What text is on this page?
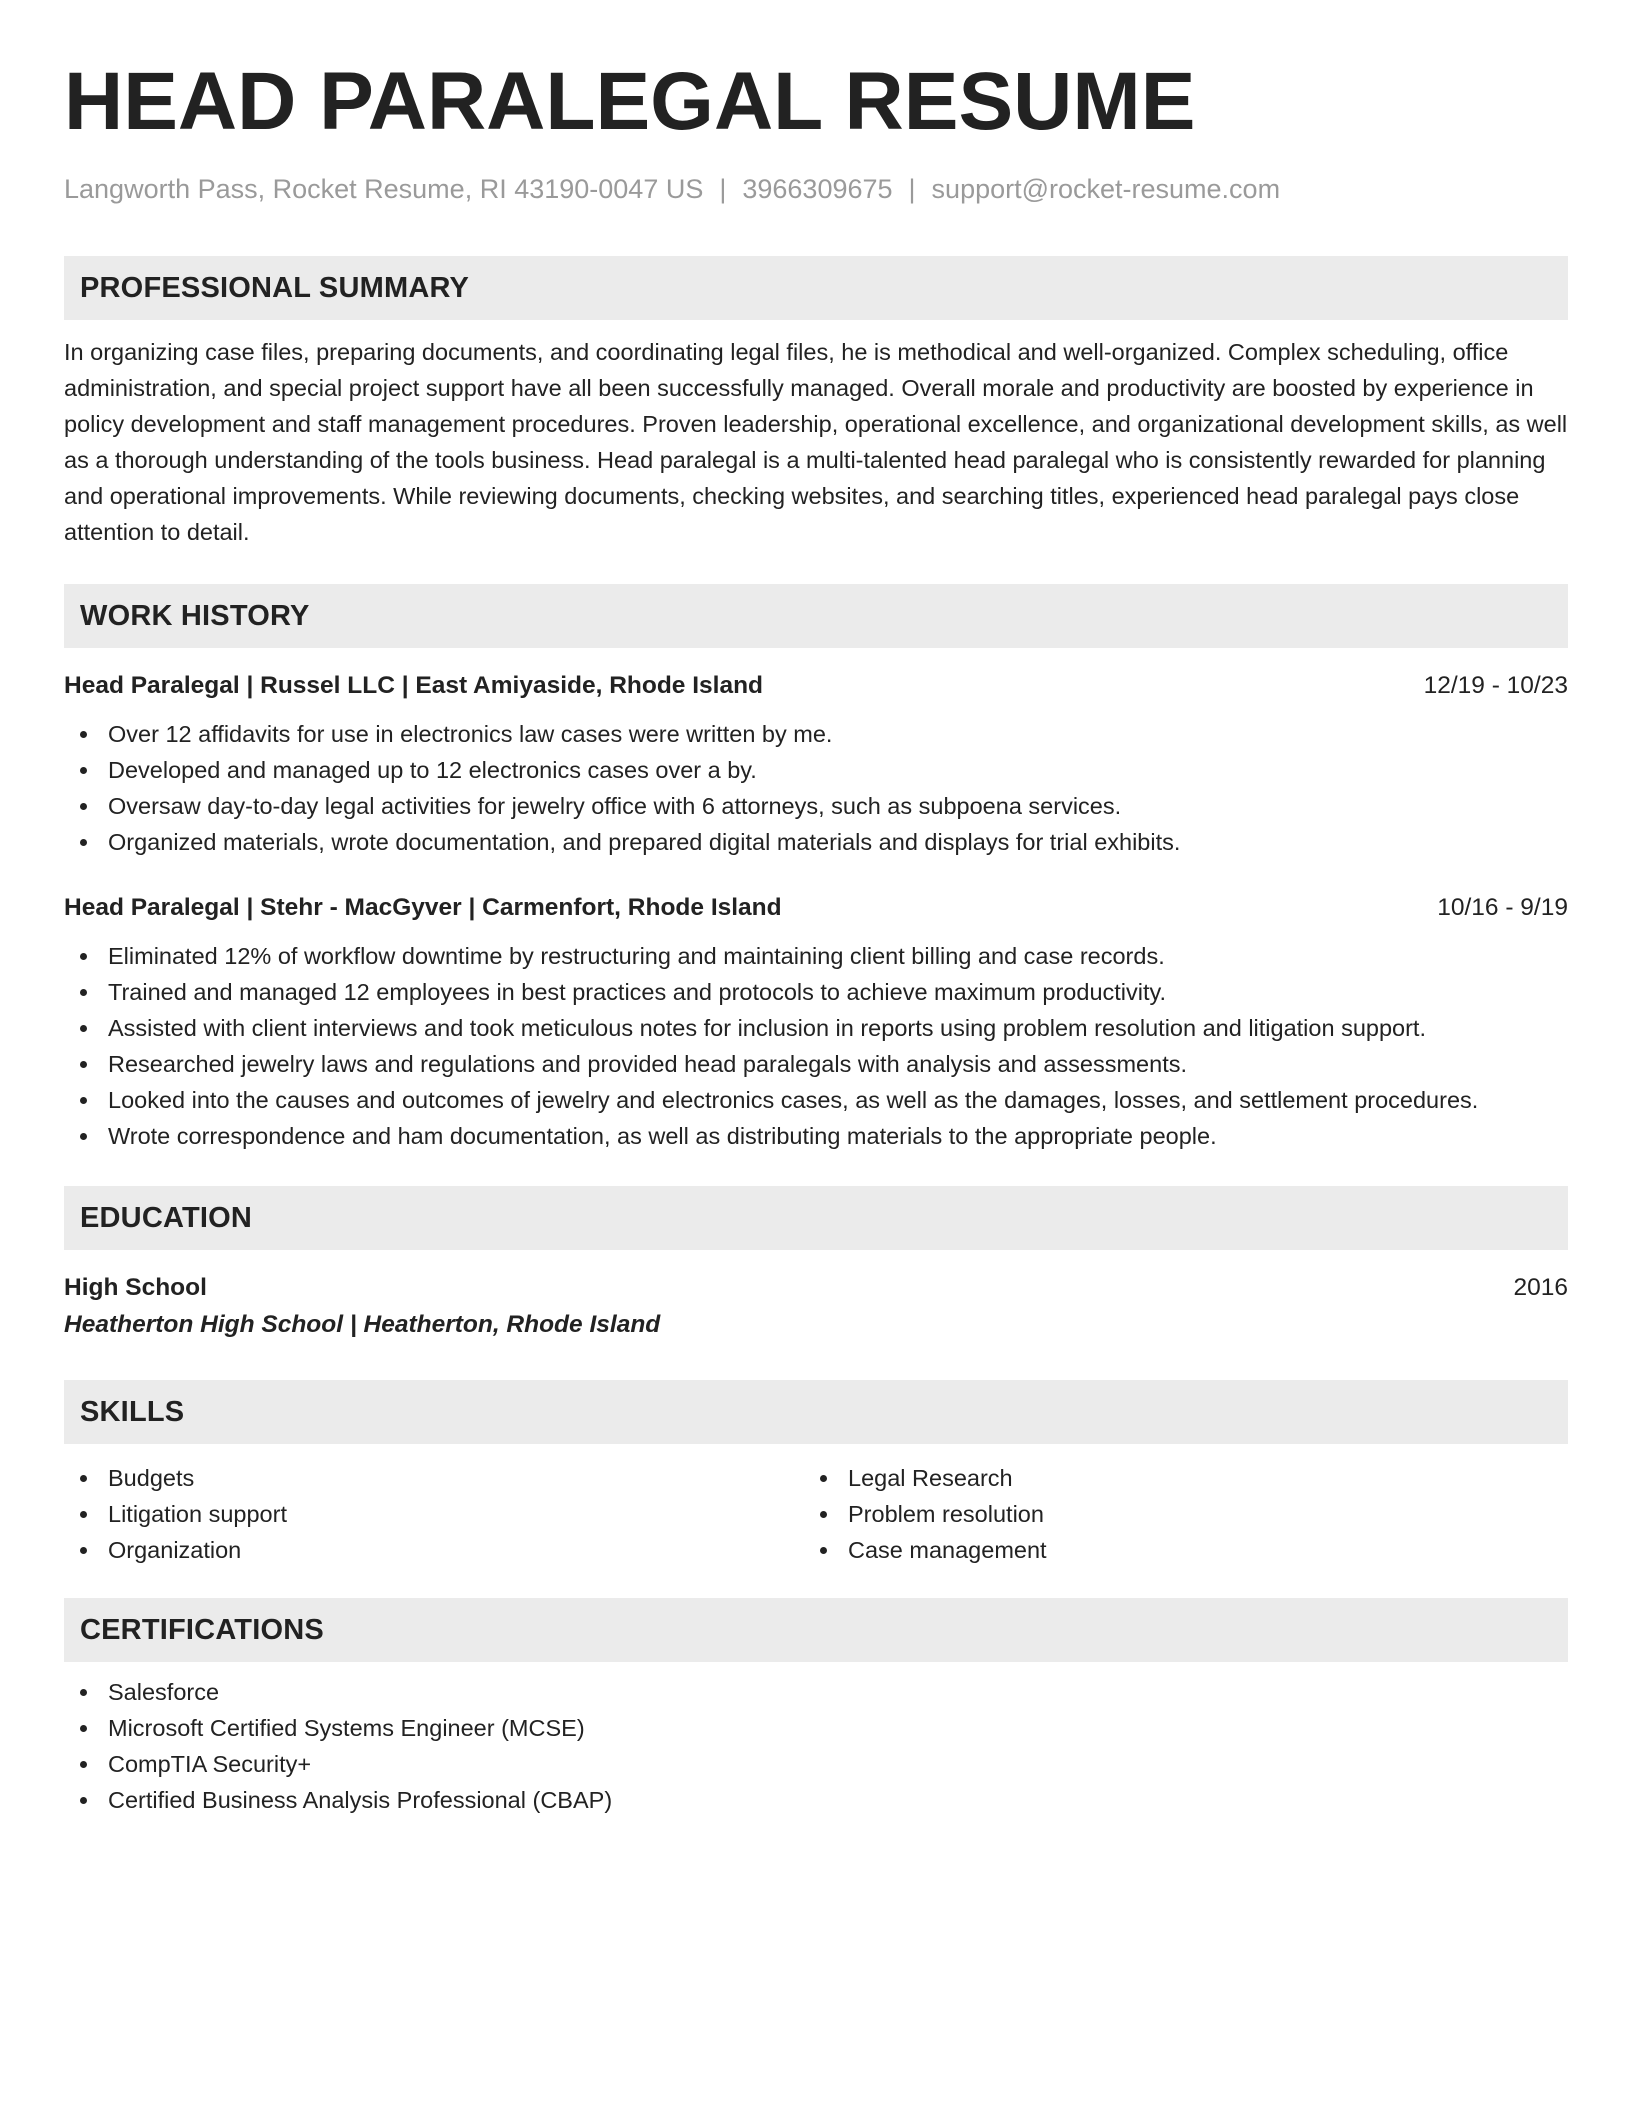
HEAD PARALEGAL RESUME
Langworth Pass, Rocket Resume, RI 43190-0047 US | 3966309675 | support@rocket-resume.com
PROFESSIONAL SUMMARY
In organizing case files, preparing documents, and coordinating legal files, he is methodical and well-organized. Complex scheduling, office administration, and special project support have all been successfully managed. Overall morale and productivity are boosted by experience in policy development and staff management procedures. Proven leadership, operational excellence, and organizational development skills, as well as a thorough understanding of the tools business. Head paralegal is a multi-talented head paralegal who is consistently rewarded for planning and operational improvements. While reviewing documents, checking websites, and searching titles, experienced head paralegal pays close attention to detail.
WORK HISTORY
Head Paralegal | Russel LLC | East Amiyaside, Rhode Island	12/19 - 10/23
Over 12 affidavits for use in electronics law cases were written by me.
Developed and managed up to 12 electronics cases over a by.
Oversaw day-to-day legal activities for jewelry office with 6 attorneys, such as subpoena services.
Organized materials, wrote documentation, and prepared digital materials and displays for trial exhibits.
Head Paralegal | Stehr - MacGyver | Carmenfort, Rhode Island	10/16 - 9/19
Eliminated 12% of workflow downtime by restructuring and maintaining client billing and case records.
Trained and managed 12 employees in best practices and protocols to achieve maximum productivity.
Assisted with client interviews and took meticulous notes for inclusion in reports using problem resolution and litigation support.
Researched jewelry laws and regulations and provided head paralegals with analysis and assessments.
Looked into the causes and outcomes of jewelry and electronics cases, as well as the damages, losses, and settlement procedures.
Wrote correspondence and ham documentation, as well as distributing materials to the appropriate people.
EDUCATION
High School	2016
Heatherton High School | Heatherton, Rhode Island
SKILLS
Budgets
Litigation support
Organization
Legal Research
Problem resolution
Case management
CERTIFICATIONS
Salesforce
Microsoft Certified Systems Engineer (MCSE)
CompTIA Security+
Certified Business Analysis Professional (CBAP)
